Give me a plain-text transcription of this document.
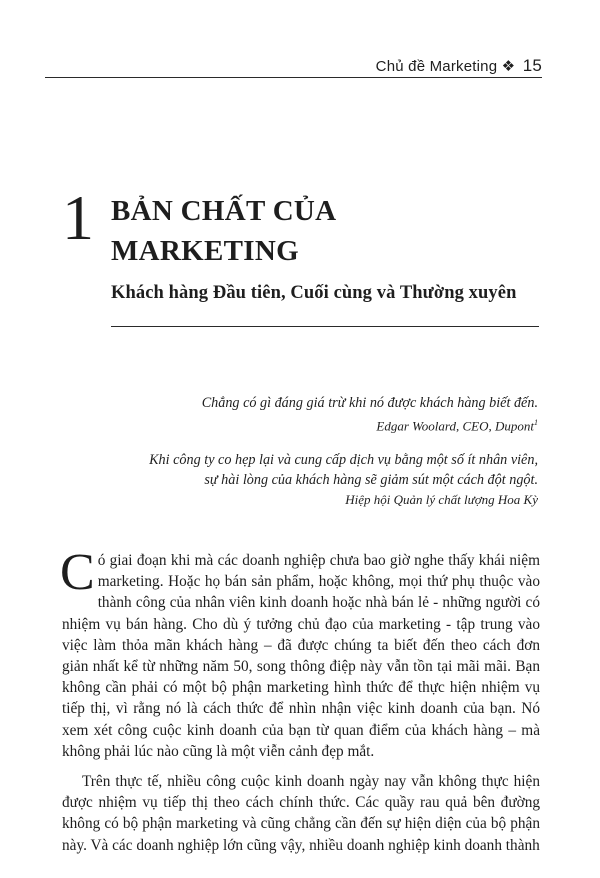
Chủ đề Marketing ❖ 15
1 BẢN CHẤT CỦA
MARKETING
Khách hàng Đầu tiên, Cuối cùng và Thường xuyên
Chẳng có gì đáng giá trừ khi nó được khách hàng biết đến.
Edgar Woolard, CEO, Dupont$^1$
Khi công ty co hẹp lại và cung cấp dịch vụ bằng một số ít nhân viên,
sự hài lòng của khách hàng sẽ giảm sút một cách đột ngột.
Hiệp hội Quản lý chất lượng Hoa Kỳ

Có giai đoạn khi mà các doanh nghiệp chưa bao giờ nghe thấy khái niệm marketing. Hoặc họ bán sản phẩm, hoặc không, mọi thứ phụ thuộc vào thành công của nhân viên kinh doanh hoặc nhà bán lẻ - những người có nhiệm vụ bán hàng. Cho dù ý tưởng chủ đạo của marketing - tập trung vào việc làm thỏa mãn khách hàng – đã được chúng ta biết đến theo cách đơn giản nhất kể từ những năm 50, song thông điệp này vẫn tồn tại mãi mãi. Bạn không cần phải có một bộ phận marketing hình thức để thực hiện nhiệm vụ tiếp thị, vì rằng nó là cách thức để nhìn nhận việc kinh doanh của bạn. Nó xem xét công cuộc kinh doanh của bạn từ quan điểm của khách hàng – mà không phải lúc nào cũng là một viễn cảnh đẹp mắt.

Trên thực tế, nhiều công cuộc kinh doanh ngày nay vẫn không thực hiện được nhiệm vụ tiếp thị theo cách chính thức. Các quầy rau quả bên đường không có bộ phận marketing và cũng chẳng cần đến sự hiện diện của bộ phận này. Và các doanh nghiệp lớn cũng vậy, nhiều doanh nghiệp kinh doanh thành
